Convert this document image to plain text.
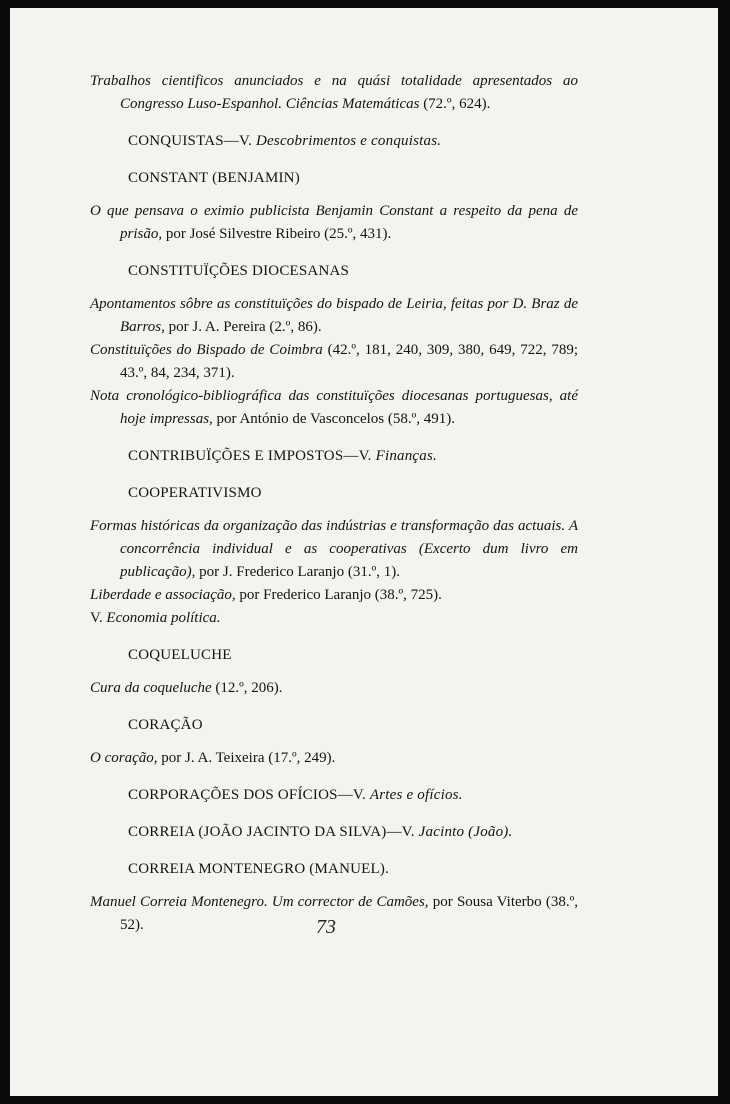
Trabalhos cientificos anunciados e na quási totalidade apresentados ao Congresso Luso-Espanhol. Ciências Matemáticas (72.º, 624).

CONQUISTAS—V. Descobrimentos e conquistas.

CONSTANT (BENJAMIN)

O que pensava o eximio publicista Benjamin Constant a respeito da pena de prisão, por José Silvestre Ribeiro (25.º, 431).

CONSTITUÏÇÕES DIOCESANAS

Apontamentos sôbre as constituïções do bispado de Leiria, feitas por D. Braz de Barros, por J. A. Pereira (2.º, 86).

Constituïções do Bispado de Coimbra (42.º, 181, 240, 309, 380, 649, 722, 789; 43.º, 84, 234, 371).

Nota cronológico-bibliográfica das constituïções diocesanas portuguesas, até hoje impressas, por António de Vasconcelos (58.º, 491).

CONTRIBUÏÇÕES E IMPOSTOS—V. Finanças.

COOPERATIVISMO

Formas históricas da organização das indústrias e transformação das actuais. A concorrência individual e as cooperativas (Excerto dum livro em publicação), por J. Frederico Laranjo (31.º, 1).

Liberdade e associação, por Frederico Laranjo (38.º, 725).

V. Economia política.

COQUELUCHE

Cura da coqueluche (12.º, 206).

CORAÇÃO

O coração, por J. A. Teixeira (17.º, 249).

CORPORAÇÕES DOS OFÍCIOS—V. Artes e ofícios.

CORREIA (JOÃO JACINTO DA SILVA)—V. Jacinto (João).

CORREIA MONTENEGRO (MANUEL).

Manuel Correia Montenegro. Um corrector de Camões, por Sousa Viterbo (38.º, 52).	73
